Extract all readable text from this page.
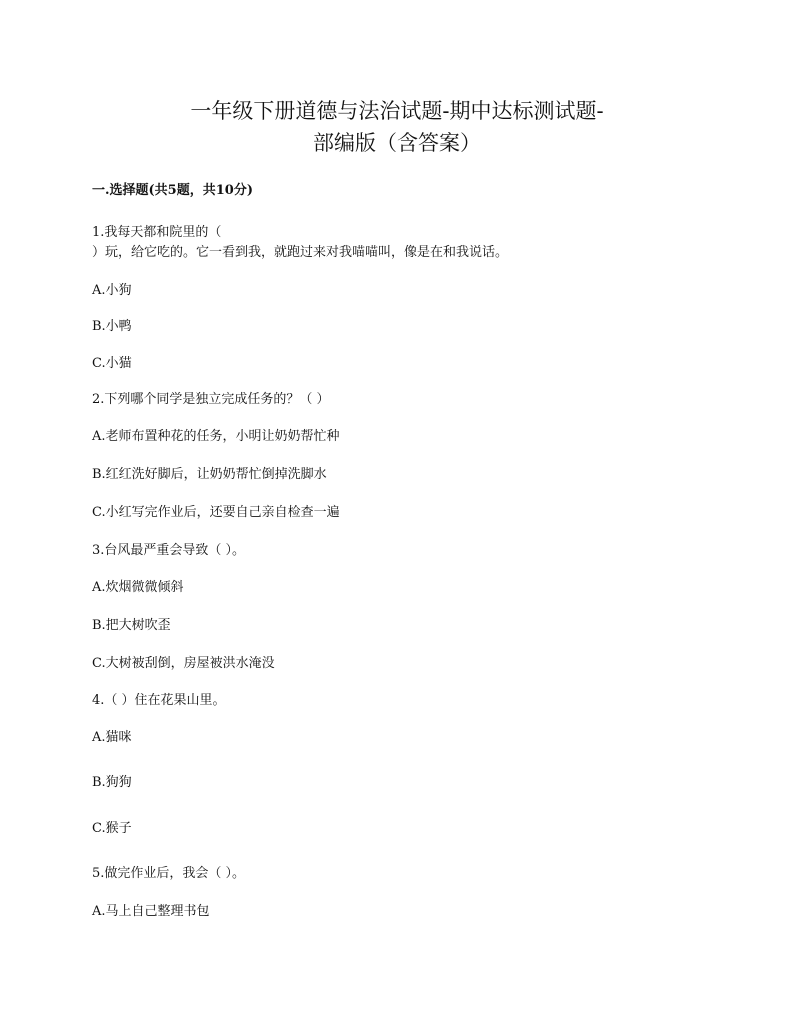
一年级下册道德与法治试题-期中达标测试题-
部编版（含答案）
一.选择题(共5题，共10分)
1.我每天都和院里的（
）玩，给它吃的。它一看到我，就跑过来对我喵喵叫，像是在和我说话。
A.小狗
B.小鸭
C.小猫
2.下列哪个同学是独立完成任务的？（ ）
A.老师布置种花的任务，小明让奶奶帮忙种
B.红红洗好脚后，让奶奶帮忙倒掉洗脚水
C.小红写完作业后，还要自己亲自检查一遍
3.台风最严重会导致（ ）。
A.炊烟微微倾斜
B.把大树吹歪
C.大树被刮倒，房屋被洪水淹没
4.（ ）住在花果山里。
A.猫咪
B.狗狗
C.猴子
5.做完作业后，我会（ ）。
A.马上自己整理书包
